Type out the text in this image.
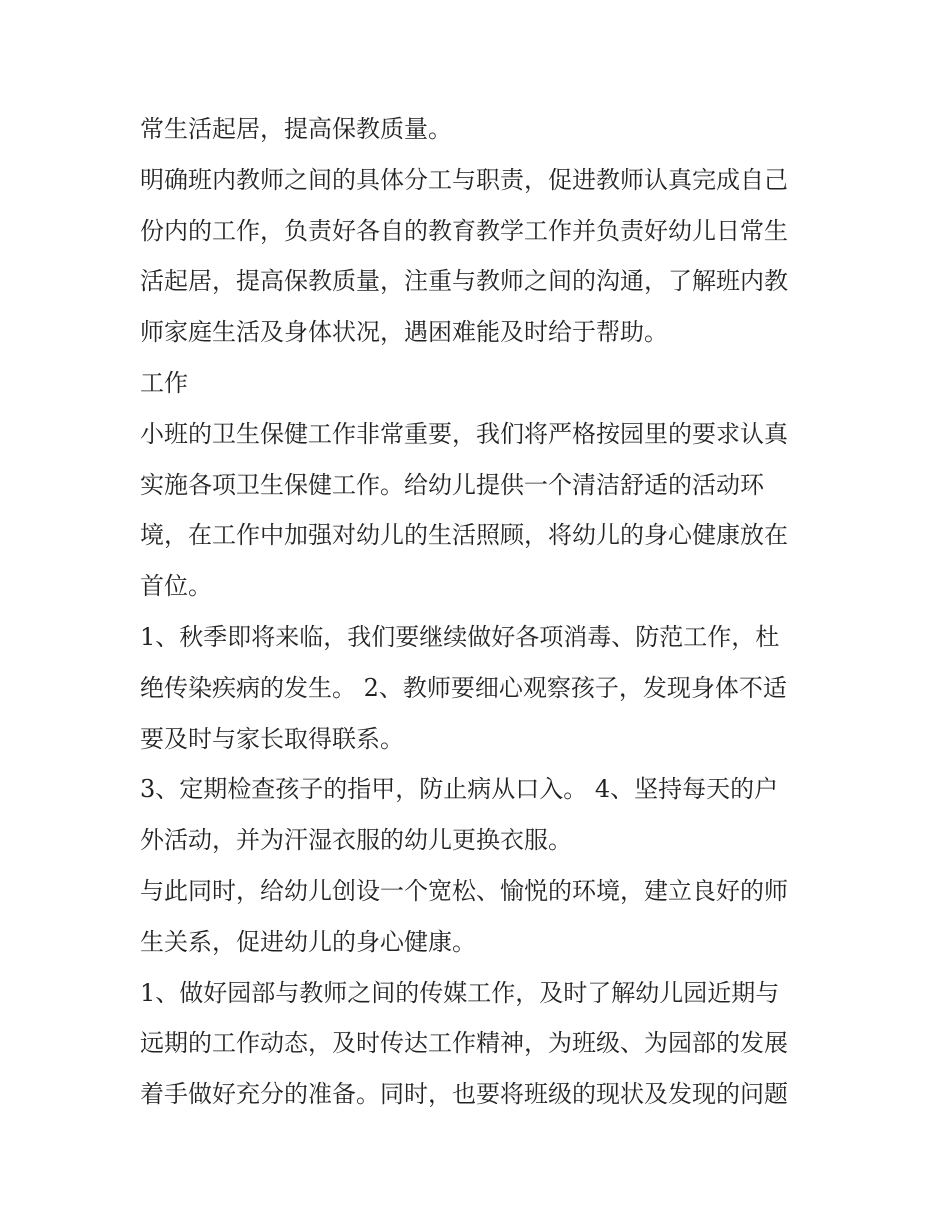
常生活起居，提高保教质量。
明确班内教师之间的具体分工与职责，促进教师认真完成自己
份内的工作，负责好各自的教育教学工作并负责好幼儿日常生
活起居，提高保教质量，注重与教师之间的沟通，了解班内教
师家庭生活及身体状况，遇困难能及时给于帮助。
工作
小班的卫生保健工作非常重要，我们将严格按园里的要求认真
实施各项卫生保健工作。给幼儿提供一个清洁舒适的活动环
境，在工作中加强对幼儿的生活照顾，将幼儿的身心健康放在
首位。
1、秋季即将来临，我们要继续做好各项消毒、防范工作，杜
绝传染疾病的发生。 2、教师要细心观察孩子，发现身体不适
要及时与家长取得联系。
3、定期检查孩子的指甲，防止病从口入。 4、坚持每天的户
外活动，并为汗湿衣服的幼儿更换衣服。
与此同时，给幼儿创设一个宽松、愉悦的环境，建立良好的师
生关系，促进幼儿的身心健康。
1、做好园部与教师之间的传媒工作，及时了解幼儿园近期与
远期的工作动态，及时传达工作精神，为班级、为园部的发展
着手做好充分的准备。同时，也要将班级的现状及发现的问题
